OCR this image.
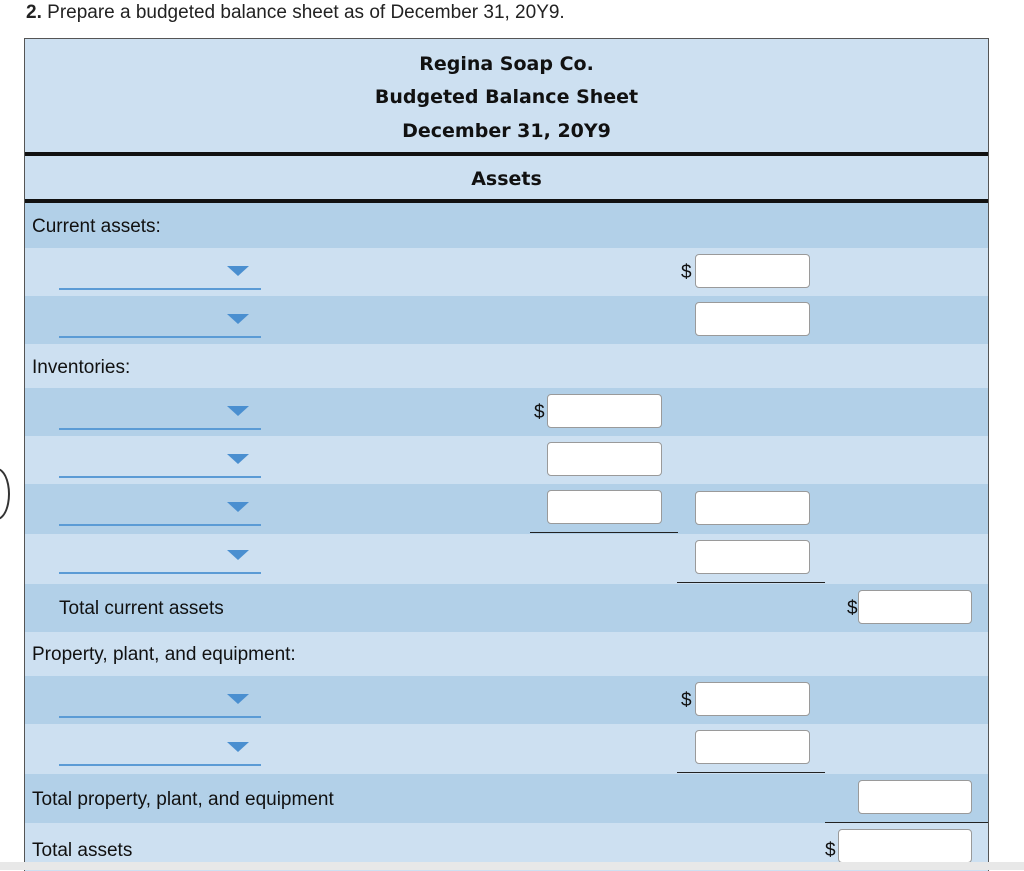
2. Prepare a budgeted balance sheet as of December 31, 20Y9.
Regina Soap Co.
Budgeted Balance Sheet
December 31, 20Y9
Assets
Current assets:
$
Inventories:
$
Total current assets	$
Property, plant, and equipment:
$
Total property, plant, and equipment
Total assets	$
